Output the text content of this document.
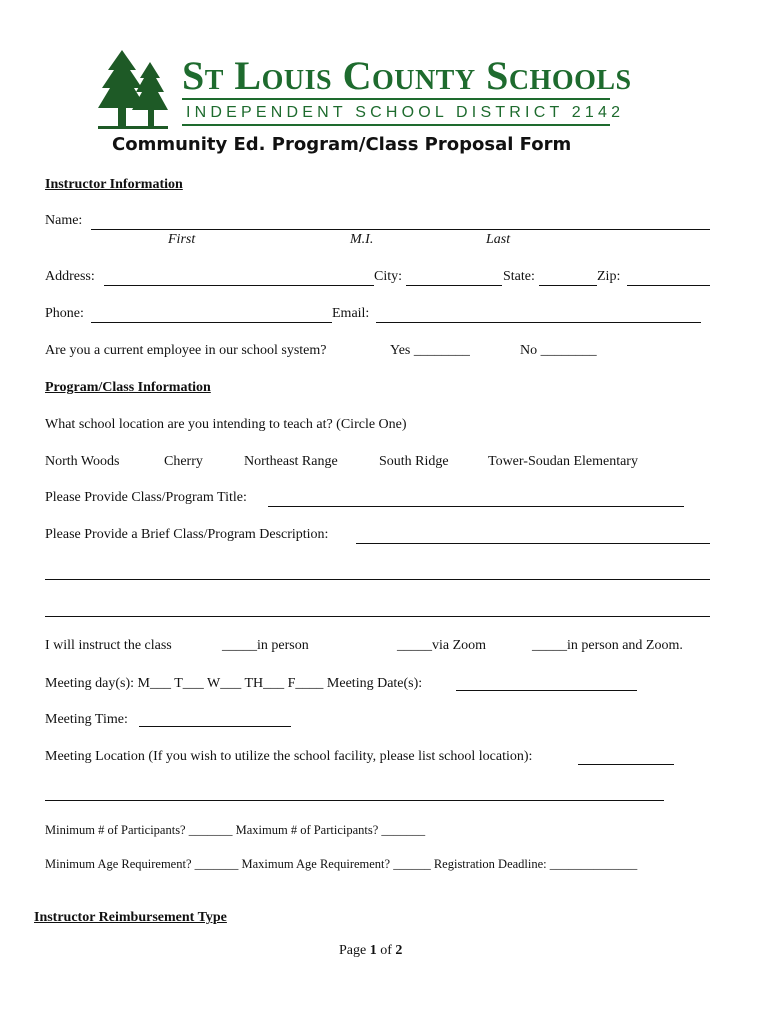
St Louis County Schools
INDEPENDENT SCHOOL DISTRICT 2142
Community Ed. Program/Class Proposal Form
Instructor Information
Name:
First	M.I.	Last
Address:	City:	State:	Zip:
Phone:	Email:
Are you a current employee in our school system?	Yes ________	No ________
Program/Class Information
What school location are you intending to teach at? (Circle One)
North Woods	Cherry	Northeast Range	South Ridge	Tower-Soudan Elementary
Please Provide Class/Program Title:
Please Provide a Brief Class/Program Description:
I will instruct the class	_____in person	_____via Zoom	_____in person and Zoom.
Meeting day(s): M___ T___ W___ TH___ F____ Meeting Date(s):
Meeting Time:
Meeting Location (If you wish to utilize the school facility, please list school location):
Minimum # of Participants? _______ Maximum # of Participants? _______
Minimum Age Requirement? _______ Maximum Age Requirement? ______ Registration Deadline: ______________
Instructor Reimbursement Type
Page 1 of 2
